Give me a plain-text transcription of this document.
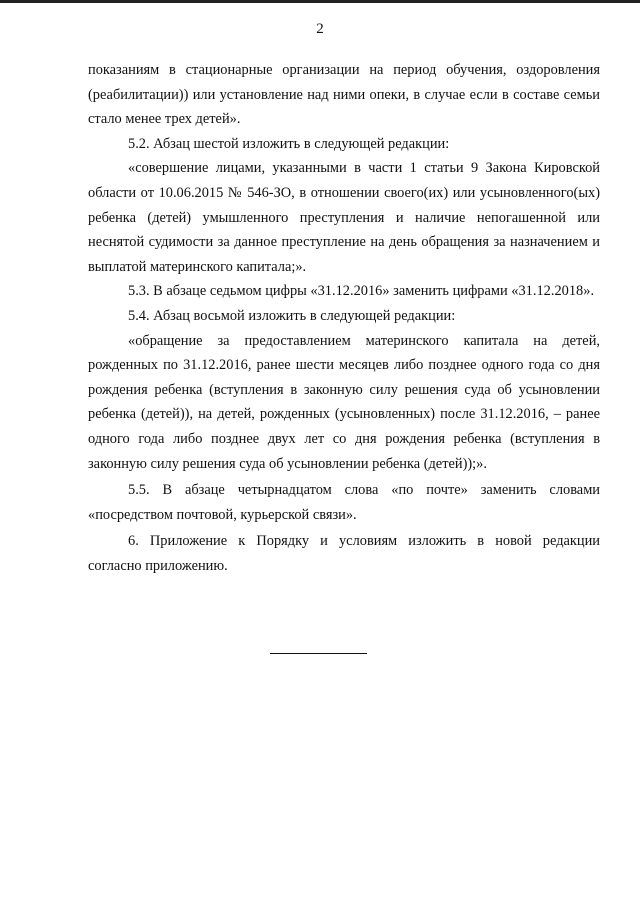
2
показаниям в стационарные организации на период обучения, оздоровления
(реабилитации)) или установление над ними опеки, в случае если в составе семьи
стало менее трех детей».
5.2. Абзац шестой изложить в следующей редакции:
«совершение лицами, указанными в части 1 статьи 9 Закона Кировской
области от 10.06.2015 № 546-ЗО, в отношении своего(их) или усыновленного(ых)
ребенка (детей) умышленного преступления и наличие непогашенной или
неснятой судимости за данное преступление на день обращения за назначением и
выплатой материнского капитала;».
5.3. В абзаце седьмом цифры «31.12.2016» заменить цифрами «31.12.2018».
5.4. Абзац восьмой изложить в следующей редакции:
«обращение за предоставлением материнского капитала на детей,
рожденных по 31.12.2016, ранее шести месяцев либо позднее одного года со дня
рождения ребенка (вступления в законную силу решения суда об усыновлении
ребенка (детей)), на детей, рожденных (усыновленных) после 31.12.2016, – ранее
одного года либо позднее двух лет со дня рождения ребенка (вступления в
законную силу решения суда об усыновлении ребенка (детей));».
5.5. В абзаце четырнадцатом слова «по почте» заменить словами
«посредством почтовой, курьерской связи».
6. Приложение к Порядку и условиям изложить в новой редакции
согласно приложению.
